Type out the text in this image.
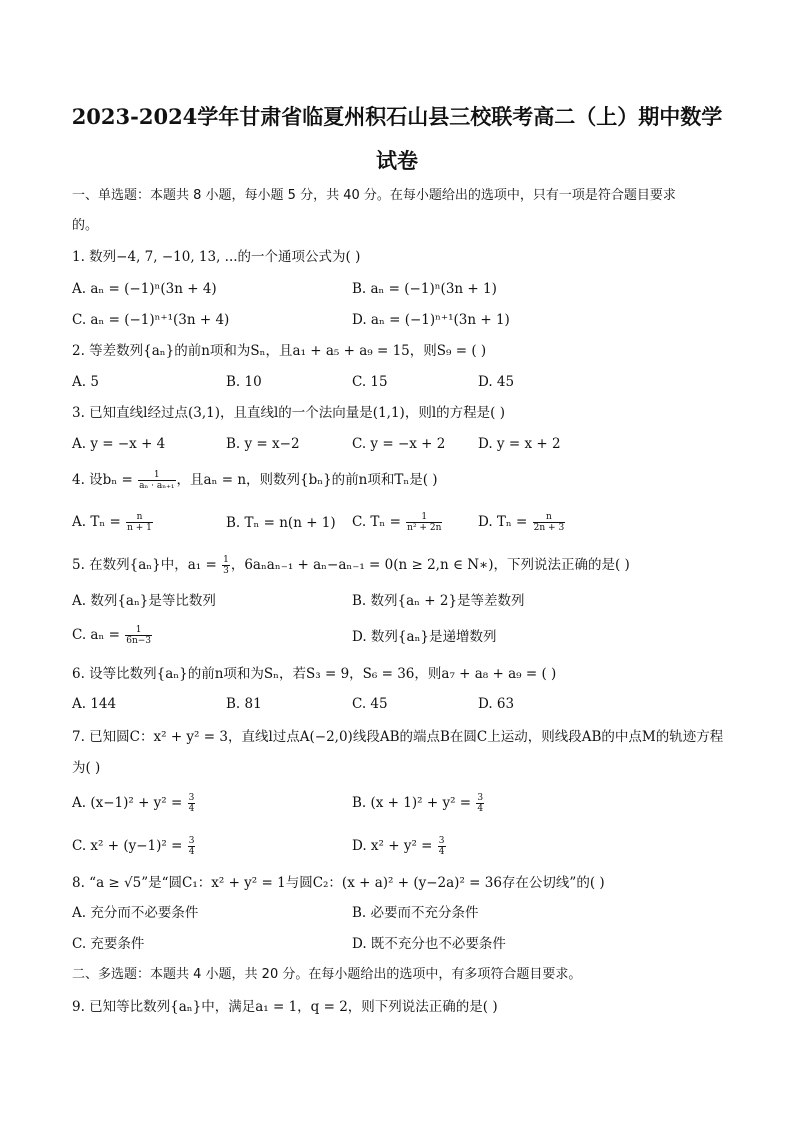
2023-2024学年甘肃省临夏州积石山县三校联考高二（上）期中数学
试卷
一、单选题：本题共 8 小题，每小题 5 分，共 40 分。在每小题给出的选项中，只有一项是符合题目要求
的。
1. 数列−4, 7, −10, 13, ...的一个通项公式为( )
A. aₙ = (−1)ⁿ(3n + 4)	B. aₙ = (−1)ⁿ(3n + 1)
C. aₙ = (−1)ⁿ⁺¹(3n + 4)	D. aₙ = (−1)ⁿ⁺¹(3n + 1)
2. 等差数列{aₙ}的前n项和为Sₙ，且a₁ + a₅ + a₉ = 15，则S₉ = ( )
A. 5	B. 10	C. 15	D. 45
3. 已知直线l经过点(3,1)，且直线l的一个法向量是(1,1)，则l的方程是( )
A. y = −x + 4	B. y = x−2	C. y = −x + 2 D. y = x + 2
4. 设$b_n = \frac{1}{\text{aₙ · aₙ₊₁}}$ ，且aₙ = n，则数列{bₙ}的前n项和Tₙ是( )
A. $T_n = \frac{n}{n + 1}$	B. Tₙ = n(n + 1) C. $T_n = \frac{1}{\text{n² + 2n}}$	D. $T_n = \frac{n}{2n + 3}$
5. 在数列{aₙ}中，$a_1 = \frac{1}{3}$ ，6aₙaₙ₋₁ + aₙ−aₙ₋₁ = 0(n ≥ 2,n ∈ N∗)，下列说法正确的是( )
A. 数列{aₙ}是等比数列	B. 数列{aₙ + 2}是等差数列
C. $a_n = \frac{1}{6n-3}$	D. 数列{aₙ}是递增数列
6. 设等比数列{aₙ}的前n项和为Sₙ，若S₃ = 9，S₆ = 36，则a₇ + a₈ + a₉ = ( )
A. 144	B. 81	C. 45	D. 63
7. 已知圆C：x² + y² = 3，直线l过点A(−2,0)线段AB的端点B在圆C上运动，则线段AB的中点M的轨迹方程
为( )
A. $(x-1)^2 + y^2 = \frac{3}{4}$	B. $(x + 1)^2 + y^2 = \frac{3}{4}$
C. $x^2 + (y-1)^2 = \frac{3}{4}$	D. $x^2 + y^2 = \frac{3}{4}$
8. “a ≥ √5”是“圆C₁：x² + y² = 1与圆C₂：(x + a)² + (y−2a)² = 36存在公切线”的( )
A. 充分而不必要条件	B. 必要而不充分条件
C. 充要条件	D. 既不充分也不必要条件
二、多选题：本题共 4 小题，共 20 分。在每小题给出的选项中，有多项符合题目要求。
9. 已知等比数列{aₙ}中，满足a₁ = 1，q = 2，则下列说法正确的是( )
